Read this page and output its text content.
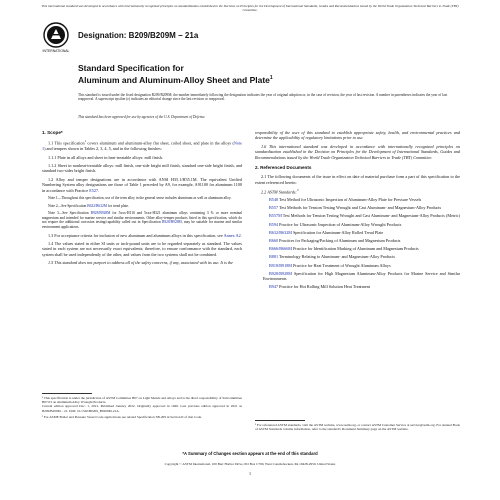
This international standard was developed in accordance with internationally recognized principles on standardization established in the Decision on Principles for the Development of International Standards, Guides and Recommendations issued by the World Trade Organization Technical Barriers to Trade (TBT) Committee.
INTERNATIONAL
Designation: B209/B209M − 21a
Standard Specification for
Aluminum and Aluminum-Alloy Sheet and Plate$^1$
This standard is issued under the fixed designation B209/B209M; the number immediately following the designation indicates the year of original adoption or, in the case of revision, the year of last revision. A number in parentheses indicates the year of last reapproval. A superscript epsilon (ε) indicates an editorial change since the last revision or reapproval.
This standard has been approved for use by agencies of the U.S. Department of Defense.
1. Scope*

1.1 This specification$^1$ covers aluminum and aluminum-alloy flat sheet, coiled sheet, and plate in the alloys (Note 1) and tempers shown in Tables 2, 3, 4, 5, and in the following finishes:

1.1.1 Plate in all alloys and sheet in heat-treatable alloys: mill finish.

1.1.2 Sheet in nonheat-treatable alloys: mill finish, one-side bright mill finish, standard one-side bright finish, and standard two-sides bright finish.

1.2 Alloy and temper designations are in accordance with ANSI H35.1/H35.1M. The equivalent Unified Numbering System alloy designations are those of Table 1 preceded by A9, for example, A91100 for aluminum 1100 in accordance with Practice E527.

Note 1—Throughout this specification, use of the term alloy in the general sense includes aluminum as well as aluminum alloy.
Note 2—See Specification B632/B632M for tread plate.
Note 3—See Specification B928/B928M for 5xxx-H116 and 5xxx-H321 aluminum alloys containing 3 % or more nominal magnesium and intended for marine service and similar environments. Other alloy-temper products listed in this specification, which do not require the additional corrosion testing/capability called out in Specification B928/B928M, may be suitable for marine and similar environment applications.

1.3 For acceptance criteria for inclusion of new aluminum and aluminum alloys in this specification, see Annex A2.

1.4 The values stated in either SI units or inch-pound units are to be regarded separately as standard. The values stated in each system are not necessarily exact equivalents; therefore, to ensure conformance with the standard, each system shall be used independently of the other, and values from the two systems shall not be combined.

1.5 This standard does not purport to address all of the safety concerns, if any, associated with its use. It is the

¹ This specification is under the jurisdiction of ASTM Committee B07 on Light Metals and Alloys and is the direct responsibility of Subcommittee B07.03 on Aluminum Alloy Wrought Products.
Current edition approved Dec. 1, 2021. Published January 2022. Originally approved in 1946. Last previous edition approved in 2021 as B209/B209M – 21. DOI: 10.1520/B0209_B0209M-21A.
² For ASME Boiler and Pressure Vessel Code applications see related Specification SB-209 in Section II of that Code.

responsibility of the user of this standard to establish appropriate safety, health, and environmental practices and determine the applicability of regulatory limitations prior to use.

1.6 This international standard was developed in accordance with internationally recognized principles on standardization established in the Decision on Principles for the Development of International Standards, Guides and Recommendations issued by the World Trade Organization Technical Barriers to Trade (TBT) Committee.

2. Referenced Documents

2.1 The following documents of the issue in effect on date of material purchase form a part of this specification to the extent referenced herein:

2.2 ASTM Standards:$^3$

B548 Test Method for Ultrasonic Inspection of Aluminum-Alloy Plate for Pressure Vessels

B557 Test Methods for Tension Testing Wrought and Cast Aluminum- and Magnesium-Alloy Products

B557M Test Methods for Tension Testing Wrought and Cast Aluminum- and Magnesium-Alloy Products (Metric)

B594 Practice for Ultrasonic Inspection of Aluminum-Alloy Wrought Products

B632/B632M Specification for Aluminum-Alloy Rolled Tread Plate

B660 Practices for Packaging/Packing of Aluminum and Magnesium Products

B666/B666M Practice for Identification Marking of Aluminum and Magnesium Products

B881 Terminology Relating to Aluminum- and Magnesium-Alloy Products

B918/B918M Practice for Heat Treatment of Wrought Aluminum Alloys

B928/B928M Specification for High Magnesium Aluminum-Alloy Products for Marine Service and Similar Environments

B947 Practice for Hot Rolling Mill Solution Heat Treatment

³ For referenced ASTM standards, visit the ASTM website, www.astm.org, or contact ASTM Customer Service at service@astm.org. For Annual Book of ASTM Standards volume information, refer to the standard's Document Summary page on the ASTM website.
*A Summary of Changes section appears at the end of this standard
Copyright © ASTM International, 100 Barr Harbor Drive, PO Box C700, West Conshohocken, PA 19428-2959. United States
1
